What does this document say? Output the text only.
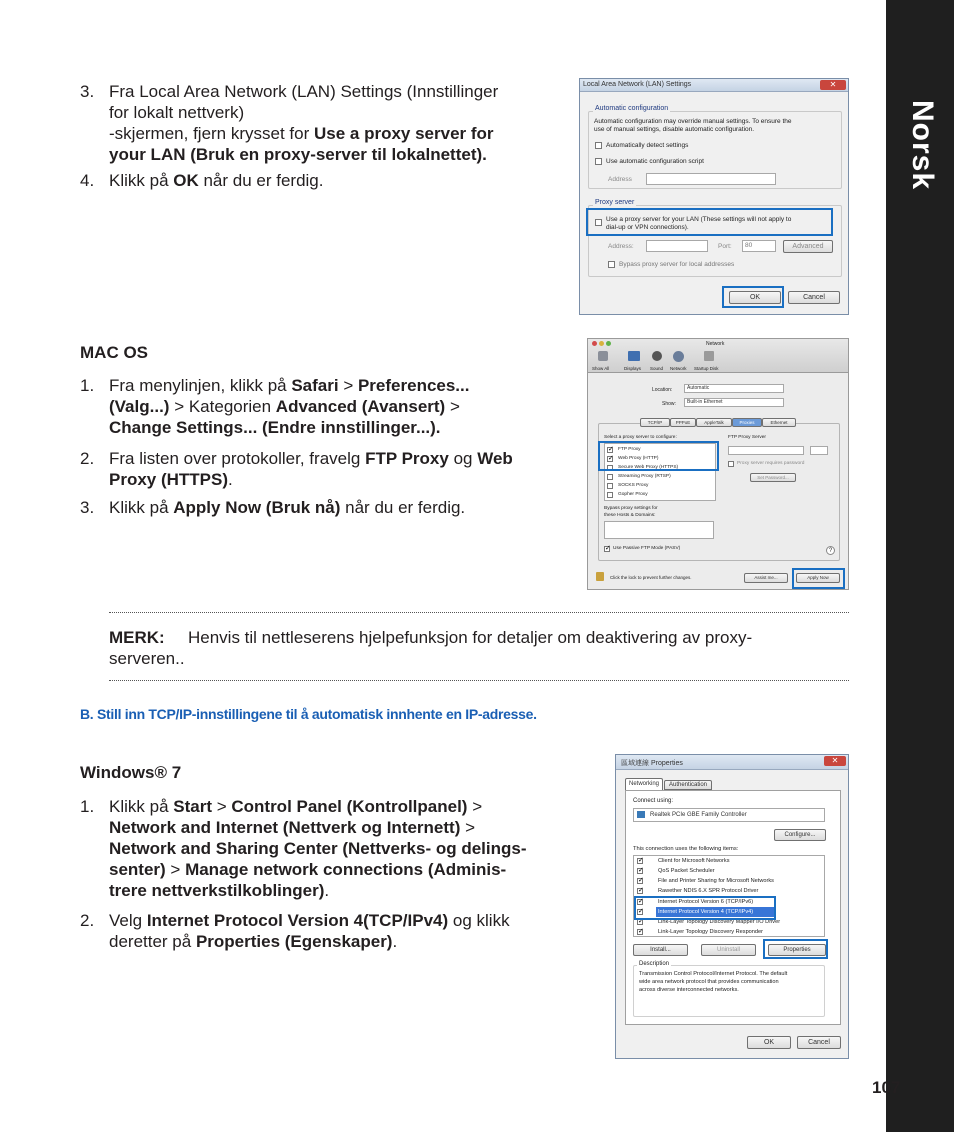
Norsk
3. Fra Local Area Network (LAN) Settings (Innstillinger
for lokalt nettverk)
-skjermen, fjern krysset for Use a proxy server for
your LAN (Bruk en proxy-server til lokalnettet).
4. Klikk på OK når du er ferdig.
Local Area Network (LAN) Settings	✕
Automatic configuration
Automatic configuration may override manual settings. To ensure the
use of manual settings, disable automatic configuration.
Automatically detect settings
Use automatic configuration script
Address
Proxy server
Use a proxy server for your LAN (These settings will not apply to
dial-up or VPN connections).
Address:	Port:	80	Advanced
Bypass proxy server for local addresses
OK	Cancel
MAC OS
1. Fra menylinjen, klikk på Safari > Preferences...
(Valg...) > Kategorien Advanced (Avansert) >
Change Settings... (Endre innstillinger...).
2. Fra listen over protokoller, fravelg FTP Proxy og Web
Proxy (HTTPS).
3. Klikk på Apply Now (Bruk nå) når du er ferdig.
Network
Show All	Displays Sound Network Startup Disk
Location:	Automatic
Show:	Built-in Ethernet
TCP/IP	PPPoE	AppleTalk	Proxies	Ethernet
Select a proxy server to configure:	FTP Proxy Server
✓
FTP Proxy
✓
Web Proxy (HTTP)
Secure Web Proxy (HTTPS)
Streaming Proxy (RTSP)
SOCKS Proxy
Gopher Proxy
Proxy server requires password
Set Password...
Bypass proxy settings for
these Hosts & Domains:
✓
Use Passive FTP Mode (PASV)	?
Click the lock to prevent further changes.	Assist me...	Apply Now
MERK: Henvis til nettleserens hjelpefunksjon for detaljer om deaktivering av proxy-
serveren..
B. Still inn TCP/IP-innstillingene til å automatisk innhente en IP-adresse.
Windows® 7
1. Klikk på Start > Control Panel (Kontrollpanel) >
Network and Internet (Nettverk og Internett) >
Network and Sharing Center (Nettverks- og delings-
senter) > Manage network connections (Adminis-
trere nettverkstilkoblinger).
2. Velg Internet Protocol Version 4(TCP/IPv4) og klikk
deretter på Properties (Egenskaper).
區域連線 Properties	✕
Networking	Authentication
Connect using:
Realtek PCIe GBE Family Controller
Configure...
This connection uses the following items:
✓
Client for Microsoft Networks
✓
QoS Packet Scheduler
✓
File and Printer Sharing for Microsoft Networks
✓
Rawether NDIS 6.X SPR Protocol Driver
✓
Internet Protocol Version 6 (TCP/IPv6)
✓
Internet Protocol Version 4 (TCP/IPv4)
✓
Link-Layer Topology Discovery Mapper I/O Driver
✓
Link-Layer Topology Discovery Responder
Install...	Uninstall	Properties
Description
Transmission Control Protocol/Internet Protocol. The default
wide area network protocol that provides communication
across diverse interconnected networks.
OK	Cancel
107
